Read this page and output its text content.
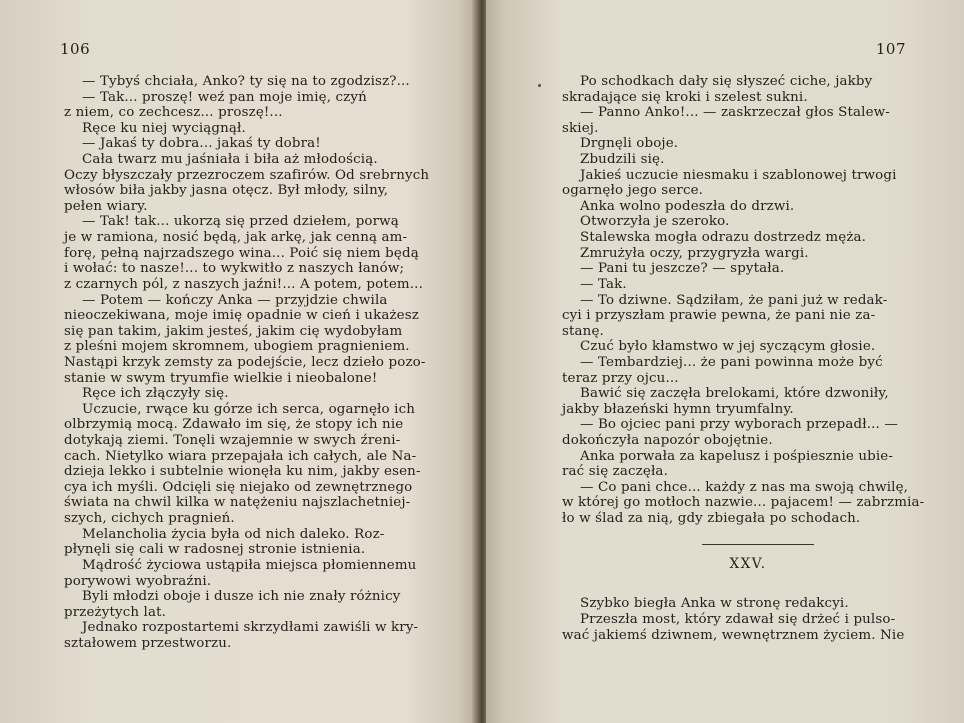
106
— Tybyś chciała, Anko? ty się na to zgodzisz?...
— Tak... proszę! weź pan moje imię, czyń
z niem, co zechcesz... proszę!...
Ręce ku niej wyciągnął.
— Jakaś ty dobra... jakaś ty dobra!
Cała twarz mu jaśniała i biła aż młodością.
Oczy błyszczały przezroczem szafirów. Od srebrnych
włosów biła jakby jasna otęcz. Był młody, silny,
pełen wiary.
— Tak! tak... ukorzą się przed dziełem, porwą
je w ramiona, nosić będą, jak arkę, jak cenną am-
forę, pełną najrzadszego wina... Poić się niem będą
i wołać: to nasze!... to wykwitło z naszych łanów;
z czarnych pól, z naszych jaźni!... A potem, potem...
— Potem — kończy Anka — przyjdzie chwila
nieoczekiwana, moje imię opadnie w cień i ukażesz
się pan takim, jakim jesteś, jakim cię wydobyłam
z pleśni mojem skromnem, ubogiem pragnieniem.
Nastąpi krzyk zemsty za podejście, lecz dzieło pozo-
stanie w swym tryumfie wielkie i nieobalone!
Ręce ich złączyły się.
Uczucie, rwące ku górze ich serca, ogarnęło ich
olbrzymią mocą. Zdawało im się, że stopy ich nie
dotykają ziemi. Tonęli wzajemnie w swych źreni-
cach. Nietylko wiara przepajała ich całych, ale Na-
dzieja lekko i subtelnie wionęła ku nim, jakby esen-
cya ich myśli. Odcięli się niejako od zewnętrznego
świata na chwil kilka w natężeniu najszlachetniej-
szych, cichych pragnień.
Melancholia życia była od nich daleko. Roz-
płynęli się cali w radosnej stronie istnienia.
Mądrość życiowa ustąpiła miejsca płomiennemu
porywowi wyobraźni.
Byli młodzi oboje i dusze ich nie znały różnicy
przeżytych lat.
Jednako rozpostartemi skrzydłami zawiśli w kry-
ształowem przestworzu.
107
Po schodkach dały się słyszeć ciche, jakby
skradające się kroki i szelest sukni.
— Panno Anko!... — zaskrzeczał głos Stalew-
skiej.
Drgnęli oboje.
Zbudzili się.
Jakieś uczucie niesmaku i szablonowej trwogi
ogarnęło jego serce.
Anka wolno podeszła do drzwi.
Otworzyła je szeroko.
Stalewska mogła odrazu dostrzedz męża.
Zmrużyła oczy, przygryzła wargi.
— Pani tu jeszcze? — spytała.
— Tak.
— To dziwne. Sądziłam, że pani już w redak-
cyi i przyszłam prawie pewna, że pani nie za-
stanę.
Czuć było kłamstwo w jej syczącym głosie.
— Tembardziej... że pani powinna może być
teraz przy ojcu...
Bawić się zaczęła brelokami, które dzwoniły,
jakby błazeński hymn tryumfalny.
— Bo ojciec pani przy wyborach przepadł... —
dokończyła napozór obojętnie.
Anka porwała za kapelusz i pośpiesznie ubie-
rać się zaczęła.
— Co pani chce... każdy z nas ma swoją chwilę,
w której go motłoch nazwie... pajacem! — zabrzmia-
ło w ślad za nią, gdy zbiegała po schodach.
XXV.
Szybko biegła Anka w stronę redakcyi.
Przeszła most, który zdawał się drżeć i pulso-
wać jakiemś dziwnem, wewnętrznem życiem. Nie
